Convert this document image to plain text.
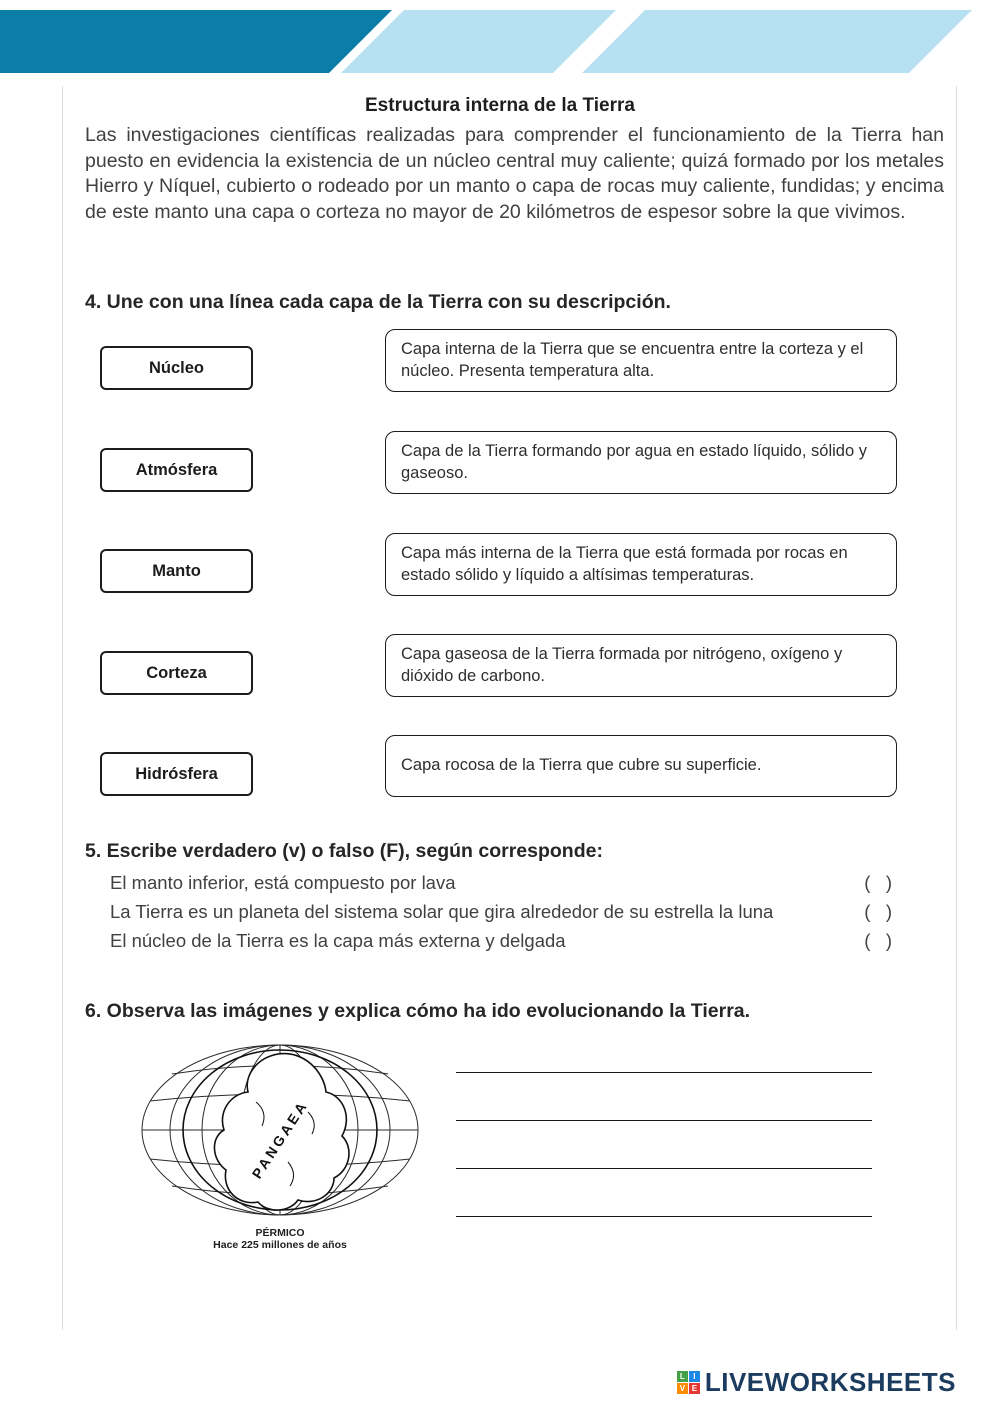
Estructura interna de la Tierra
Las investigaciones científicas realizadas para comprender el funcionamiento de la Tierra han puesto en evidencia la existencia de un núcleo central muy caliente; quizá formado por los metales Hierro y Níquel, cubierto o rodeado por un manto o capa de rocas muy caliente, fundidas; y encima de este manto una capa o corteza no mayor de 20 kilómetros de espesor sobre la que vivimos.
4. Une con una línea cada capa de la Tierra con su descripción.
Núcleo
Atmósfera
Manto
Corteza
Hidrósfera
Capa interna de la Tierra que se encuentra entre la corteza y el núcleo. Presenta temperatura alta.
Capa de la Tierra formando por agua en estado líquido, sólido y gaseoso.
Capa más interna de la Tierra que está formada por rocas en estado sólido y líquido a altísimas temperaturas.
Capa gaseosa de la Tierra formada por nitrógeno, oxígeno y dióxido de carbono.
Capa rocosa de la Tierra que cubre su superficie.
5. Escribe verdadero (v) o falso (F), según corresponde:
El manto inferior, está compuesto por lava	(   )
La Tierra es un planeta del sistema solar que gira alrededor de su estrella la luna	(   )
El núcleo de la Tierra es la capa más externa y delgada	(   )
6. Observa las imágenes y explica cómo ha ido evolucionando la Tierra.
PANGAEA
PÉRMICO
Hace 225 millones de años
L	I
V E LIVEWORKSHEETS
